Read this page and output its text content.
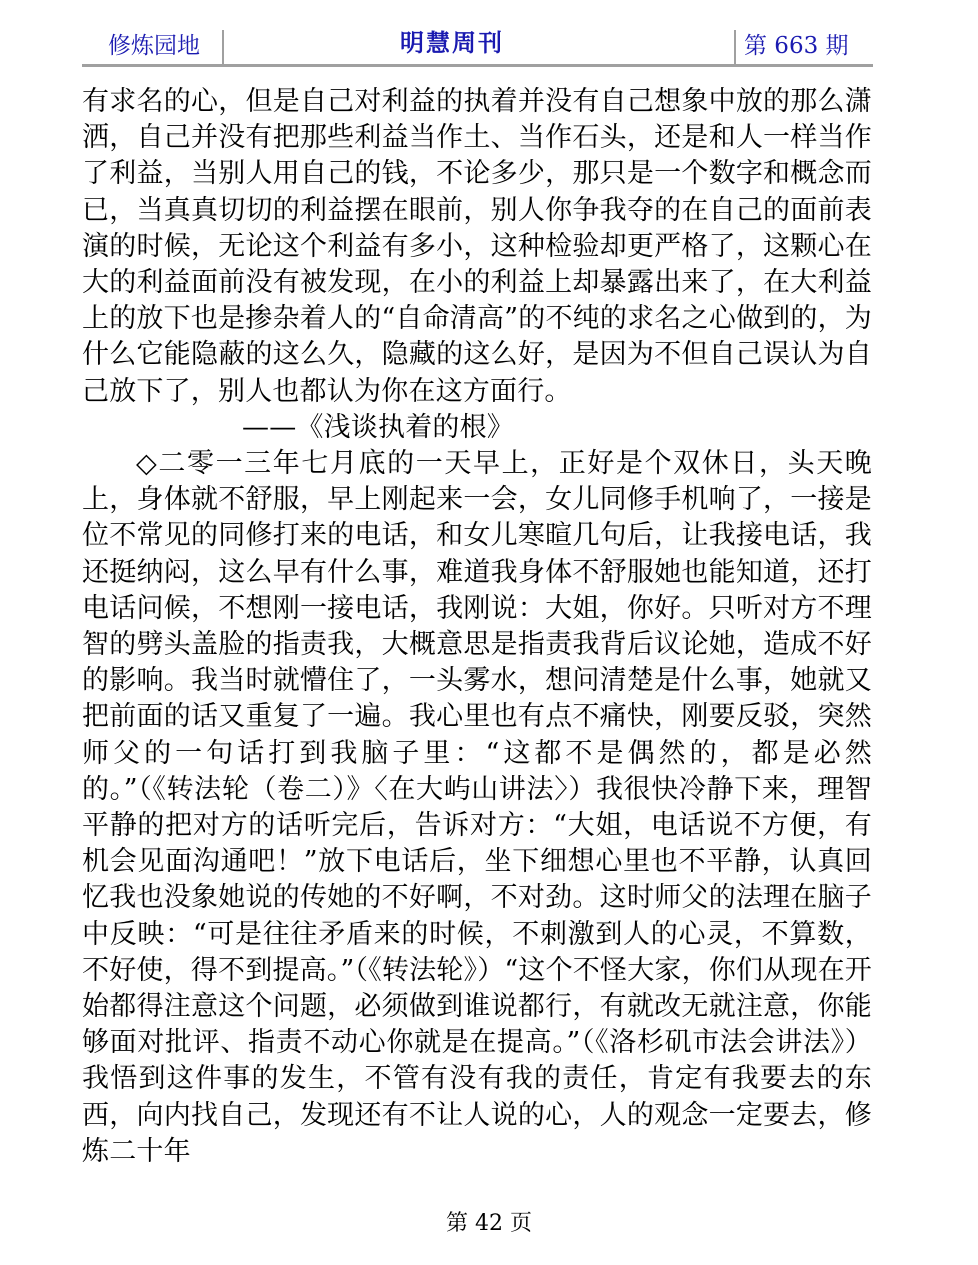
修炼园地	明慧周刊	第 663 期

有求名的心，但是自己对利益的执着并没有自己想象中放的那么潇洒，自己并没有把那些利益当作土、当作石头，还是和人一样当作了利益，当别人用自己的钱，不论多少，那只是一个数字和概念而已，当真真切切的利益摆在眼前，别人你争我夺的在自己的面前表演的时候，无论这个利益有多小，这种检验却更严格了，这颗心在大的利益面前没有被发现，在小的利益上却暴露出来了，在大利益上的放下也是掺杂着人的“自命清高”的不纯的求名之心做到的，为什么它能隐蔽的这么久，隐藏的这么好，是因为不但自己误认为自己放下了，别人也都认为你在这方面行。

——《浅谈执着的根》

◇二零一三年七月底的一天早上，正好是个双休日，头天晚上，身体就不舒服，早上刚起来一会，女儿同修手机响了，一接是位不常见的同修打来的电话，和女儿寒暄几句后，让我接电话，我还挺纳闷，这么早有什么事，难道我身体不舒服她也能知道，还打电话问候，不想刚一接电话，我刚说：大姐，你好。只听对方不理智的劈头盖脸的指责我，大概意思是指责我背后议论她，造成不好的影响。我当时就懵住了，一头雾水，想问清楚是什么事，她就又把前面的话又重复了一遍。我心里也有点不痛快，刚要反驳，突然师父的一句话打到我脑子里：“这都不是偶然的，都是必然的。”（《转法轮（卷二）》〈在大屿山讲法〉）我很快冷静下来，理智平静的把对方的话听完后，告诉对方：“大姐，电话说不方便，有机会见面沟通吧！”放下电话后，坐下细想心里也不平静，认真回忆我也没象她说的传她的不好啊，不对劲。这时师父的法理在脑子中反映：“可是往往矛盾来的时候，不刺激到人的心灵，不算数，不好使，得不到提高。”（《转法轮》）“这个不怪大家，你们从现在开始都得注意这个问题，必须做到谁说都行，有就改无就注意，你能够面对批评、指责不动心你就是在提高。”（《洛杉矶市法会讲法》）我悟到这件事的发生，不管有没有我的责任，肯定有我要去的东西，向内找自己，发现还有不让人说的心，人的观念一定要去，修炼二十年

第 42 页
